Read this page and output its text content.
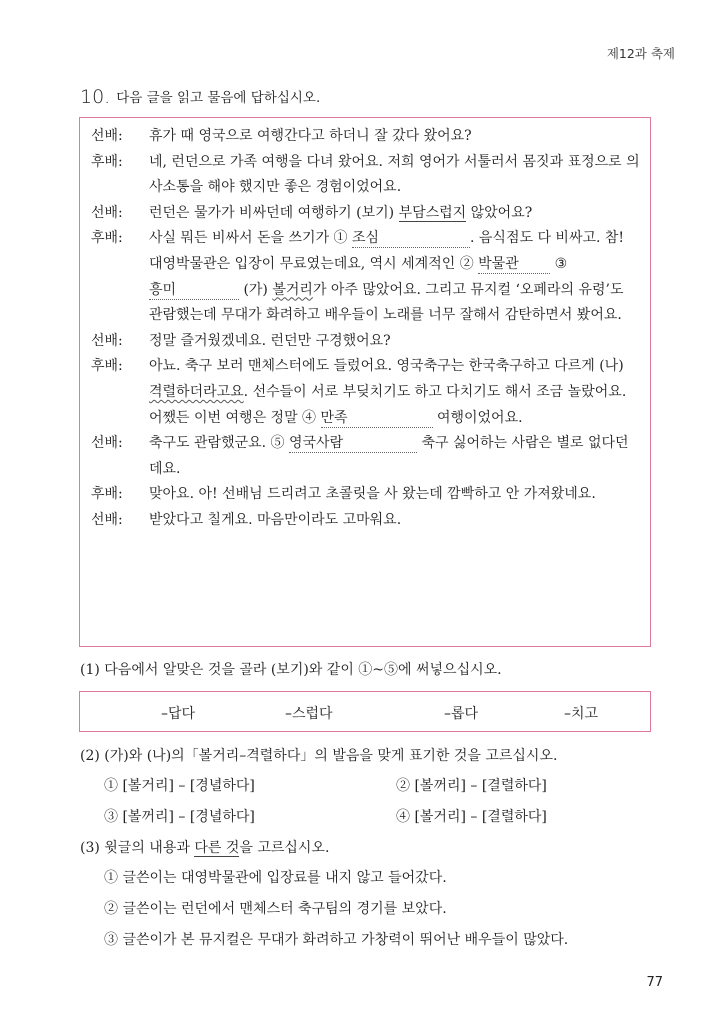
제12과 축제
10. 다음 글을 읽고 물음에 답하십시오.
선배:	휴가 때 영국으로 여행간다고 하더니 잘 갔다 왔어요?
후배:	네, 런던으로 가족 여행을 다녀 왔어요. 저희 영어가 서툴러서 몸짓과 표정으로 의사소통을 해야 했지만 좋은 경험이었어요.
선배:	런던은 물가가 비싸던데 여행하기 (보기) 부담스럽지 않았어요?
후배:	사실 뭐든 비싸서 돈을 쓰기가 ① 조심	. 음식점도 다 비싸고. 참! 대영박물관은 입장이 무료였는데요, 역시 세계적인 ② 박물관 ③ 흥미	(가) 볼거리가 아주 많았어요. 그리고 뮤지컬 ‘오페라의 유령’도 관람했는데 무대가 화려하고 배우들이 노래를 너무 잘해서 감탄하면서 봤어요.
선배:	정말 즐거웠겠네요. 런던만 구경했어요?
후배:	아뇨. 축구 보러 맨체스터에도 들렀어요. 영국축구는 한국축구하고 다르게 (나) 격렬하더라고요. 선수들이 서로 부딪치기도 하고 다치기도 해서 조금 놀랐어요. 어쨌든 이번 여행은 정말 ④ 만족	여행이었어요.
선배:	축구도 관람했군요. ⑤ 영국사람	축구 싫어하는 사람은 별로 없다던데요.
후배:	맞아요. 아! 선배님 드리려고 초콜릿을 사 왔는데 깜빡하고 안 가져왔네요.
선배:	받았다고 칠게요. 마음만이라도 고마워요.
(1) 다음에서 알맞은 것을 골라 (보기)와 같이 ①~⑤에 써넣으십시오.
–답다	–스럽다	–롭다	–치고
(2) (가)와 (나)의「볼거리–격렬하다」의 발음을 맞게 표기한 것을 고르십시오.
① [볼거리] – [경녈하다]	② [볼꺼리] – [결렬하다]
③ [볼꺼리] – [경녈하다]	④ [볼거리] – [결렬하다]
(3) 윗글의 내용과 다른 것을 고르십시오.
① 글쓴이는 대영박물관에 입장료를 내지 않고 들어갔다.
② 글쓴이는 런던에서 맨체스터 축구팀의 경기를 보았다.
③ 글쓴이가 본 뮤지컬은 무대가 화려하고 가창력이 뛰어난 배우들이 많았다.
77
